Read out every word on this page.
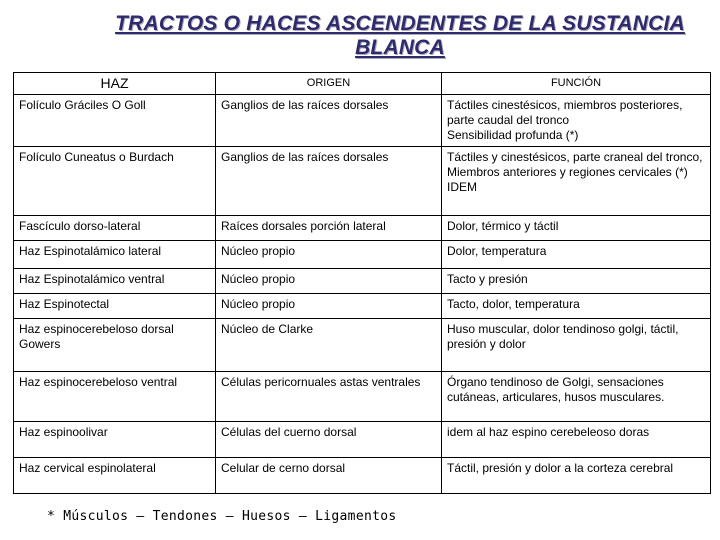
TRACTOS O HACES ASCENDENTES DE LA SUSTANCIA
BLANCA
HAZ	ORIGEN	FUNCIÓN
Folículo Gráciles O Goll	Ganglios de las raíces dorsales	Táctiles cinestésicos, miembros posteriores, parte caudal del tronco
Sensibilidad profunda (*)

Folículo Cuneatus o Burdach	Ganglios de las raíces dorsales	Táctiles y cinestésicos, parte craneal del tronco,
Miembros anteriores y regiones cervicales (*) IDEM

Fascículo dorso-lateral	Raíces dorsales porción lateral	Dolor, térmico y táctil

Haz Espinotalámico lateral	Núcleo propio	Dolor, temperatura

Haz Espinotalámico ventral	Núcleo propio	Tacto y presión

Haz Espinotectal	Núcleo propio	Tacto, dolor, temperatura

Haz espinocerebeloso dorsal Gowers	Núcleo de Clarke	Huso muscular, dolor tendinoso golgi, táctil, presión y dolor

Haz espinocerebeloso ventral	Células pericornuales astas ventrales	Órgano tendinoso de Golgi, sensaciones cutáneas, articulares, husos musculares.

Haz espinoolivar	Células del cuerno dorsal	idem al haz espino cerebeleoso doras

Haz cervical espinolateral	Celular de cerno dorsal	Táctil, presión y dolor a la corteza cerebral
* Músculos – Tendones – Huesos – Ligamentos
